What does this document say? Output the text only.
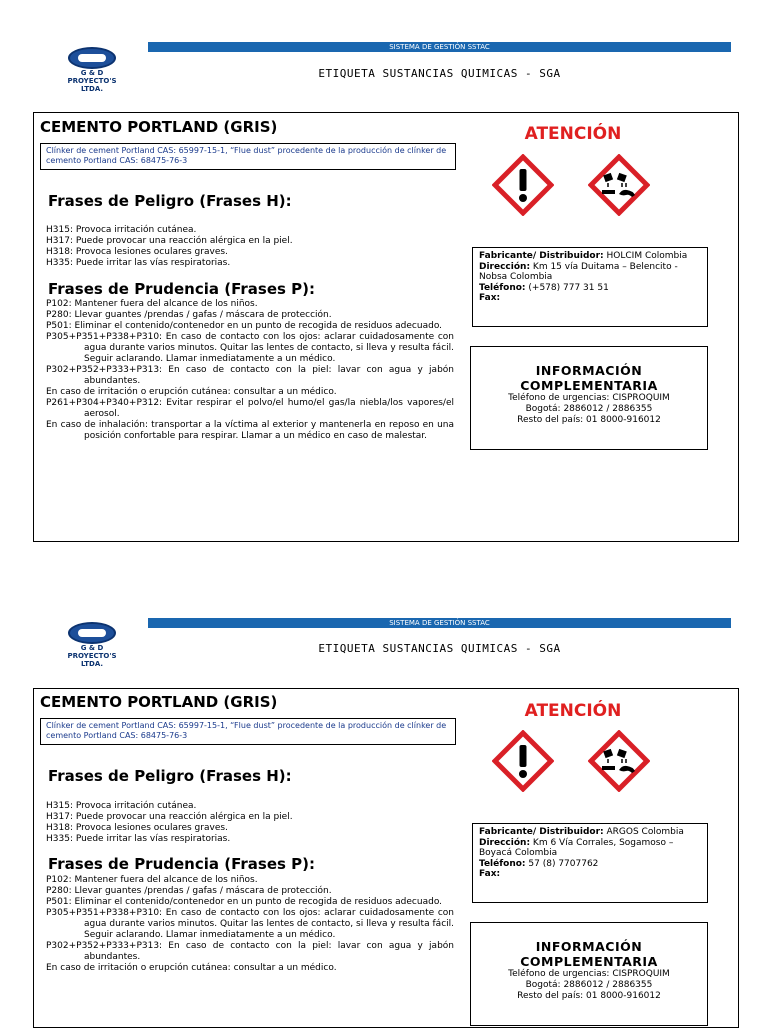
G & D
PROYECTO'S LTDA.
SISTEMA DE GESTIÓN SSTAC
ETIQUETA SUSTANCIAS QUIMICAS - SGA
CEMENTO PORTLAND (GRIS)
Clínker de cement Portland CAS: 65997-15-1, “Flue dust” procedente de la producción de clínker de cemento Portland CAS: 68475-76-3
Frases de Peligro (Frases H):
H315: Provoca irritación cutánea.
H317: Puede provocar una reacción alérgica en la piel.
H318: Provoca lesiones oculares graves.
H335: Puede irritar las vías respiratorias.
Frases de Prudencia (Frases P):
P102: Mantener fuera del alcance de los niños.
P280: Llevar guantes /prendas / gafas / máscara de protección.
P501: Eliminar el contenido/contenedor en un punto de recogida de residuos adecuado.
P305+P351+P338+P310: En caso de contacto con los ojos: aclarar cuidadosamente con agua durante varios minutos. Quitar las lentes de contacto, si lleva y resulta fácil. Seguir aclarando. Llamar inmediatamente a un médico.
P302+P352+P333+P313: En caso de contacto con la piel: lavar con agua y jabón abundantes.
En caso de irritación o erupción cutánea: consultar a un médico.
P261+P304+P340+P312: Evitar respirar el polvo/el humo/el gas/la niebla/los vapores/el aerosol.
En caso de inhalación: transportar a la víctima al exterior y mantenerla en reposo en una posición confortable para respirar. Llamar a un médico en caso de malestar.
ATENCIÓN
Fabricante/ Distribuidor: HOLCIM Colombia
Dirección: Km 15 vía Duitama – Belencito - Nobsa Colombia
Teléfono: (+578) 777 31 51
Fax:
INFORMACIÓN COMPLEMENTARIA
Teléfono de urgencias: CISPROQUIM
Bogotá: 2886012 / 2886355
Resto del país: 01 8000-916012
G & D
PROYECTO'S LTDA.
SISTEMA DE GESTIÓN SSTAC
ETIQUETA SUSTANCIAS QUIMICAS - SGA
CEMENTO PORTLAND (GRIS)
Clínker de cement Portland CAS: 65997-15-1, “Flue dust” procedente de la producción de clínker de cemento Portland CAS: 68475-76-3
Frases de Peligro (Frases H):
H315: Provoca irritación cutánea.
H317: Puede provocar una reacción alérgica en la piel.
H318: Provoca lesiones oculares graves.
H335: Puede irritar las vías respiratorias.
Frases de Prudencia (Frases P):
P102: Mantener fuera del alcance de los niños.
P280: Llevar guantes /prendas / gafas / máscara de protección.
P501: Eliminar el contenido/contenedor en un punto de recogida de residuos adecuado.
P305+P351+P338+P310: En caso de contacto con los ojos: aclarar cuidadosamente con agua durante varios minutos. Quitar las lentes de contacto, si lleva y resulta fácil. Seguir aclarando. Llamar inmediatamente a un médico.
P302+P352+P333+P313: En caso de contacto con la piel: lavar con agua y jabón abundantes.
En caso de irritación o erupción cutánea: consultar a un médico.
ATENCIÓN
Fabricante/ Distribuidor: ARGOS Colombia
Dirección: Km 6 Vía Corrales, Sogamoso – Boyacá Colombia
Teléfono: 57 (8) 7707762
Fax:
INFORMACIÓN COMPLEMENTARIA
Teléfono de urgencias: CISPROQUIM
Bogotá: 2886012 / 2886355
Resto del país: 01 8000-916012
